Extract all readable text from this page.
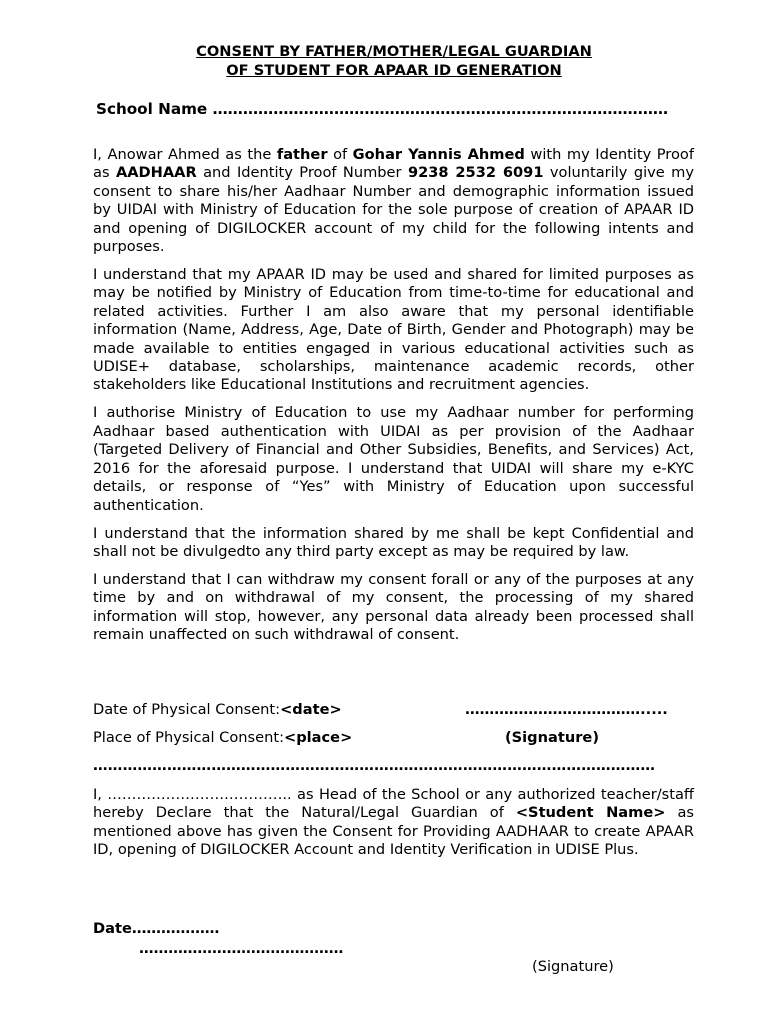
CONSENT BY FATHER/MOTHER/LEGAL GUARDIAN
OF STUDENT FOR APAAR ID GENERATION
School Name ………………………………………………………………………………

I, Anowar Ahmed as the father of Gohar Yannis Ahmed with my Identity Proof as AADHAAR and Identity Proof Number 9238 2532 6091 voluntarily give my consent to share his/her Aadhaar Number and demographic information issued by UIDAI with Ministry of Education for the sole purpose of creation of APAAR ID and opening of DIGILOCKER account of my child for the following intents and purposes.

I understand that my APAAR ID may be used and shared for limited purposes as may be notified by Ministry of Education from time-to-time for educational and related activities. Further I am also aware that my personal identifiable information (Name, Address, Age, Date of Birth, Gender and Photograph) may be made available to entities engaged in various educational activities such as UDISE+ database, scholarships, maintenance academic records, other stakeholders like Educational Institutions and recruitment agencies.

I authorise Ministry of Education to use my Aadhaar number for performing Aadhaar based authentication with UIDAI as per provision of the Aadhaar (Targeted Delivery of Financial and Other Subsidies, Benefits, and Services) Act, 2016 for the aforesaid purpose. I understand that UIDAI will share my e-KYC details, or response of “Yes” with Ministry of Education upon successful authentication.

I understand that the information shared by me shall be kept Confidential and shall not be divulgedto any third party except as may be required by law.

I understand that I can withdraw my consent forall or any of the purposes at any time by and on withdrawal of my consent, the processing of my shared information will stop, however, any personal data already been processed shall remain unaffected on such withdrawal of consent.

Date of Physical Consent:<date>	……………………………….....
Place of Physical Consent:<place>	(Signature)
……………………………………………………………………………………………………

I, ……………………………….. as Head of the School or any authorized teacher/staff hereby Declare that the Natural/Legal Guardian of <Student Name> as mentioned above has given the Consent for Providing AADHAAR to create APAAR ID, opening of DIGILOCKER Account and Identity Verification in UDISE Plus.

Date………………
……………………………………
(Signature)
